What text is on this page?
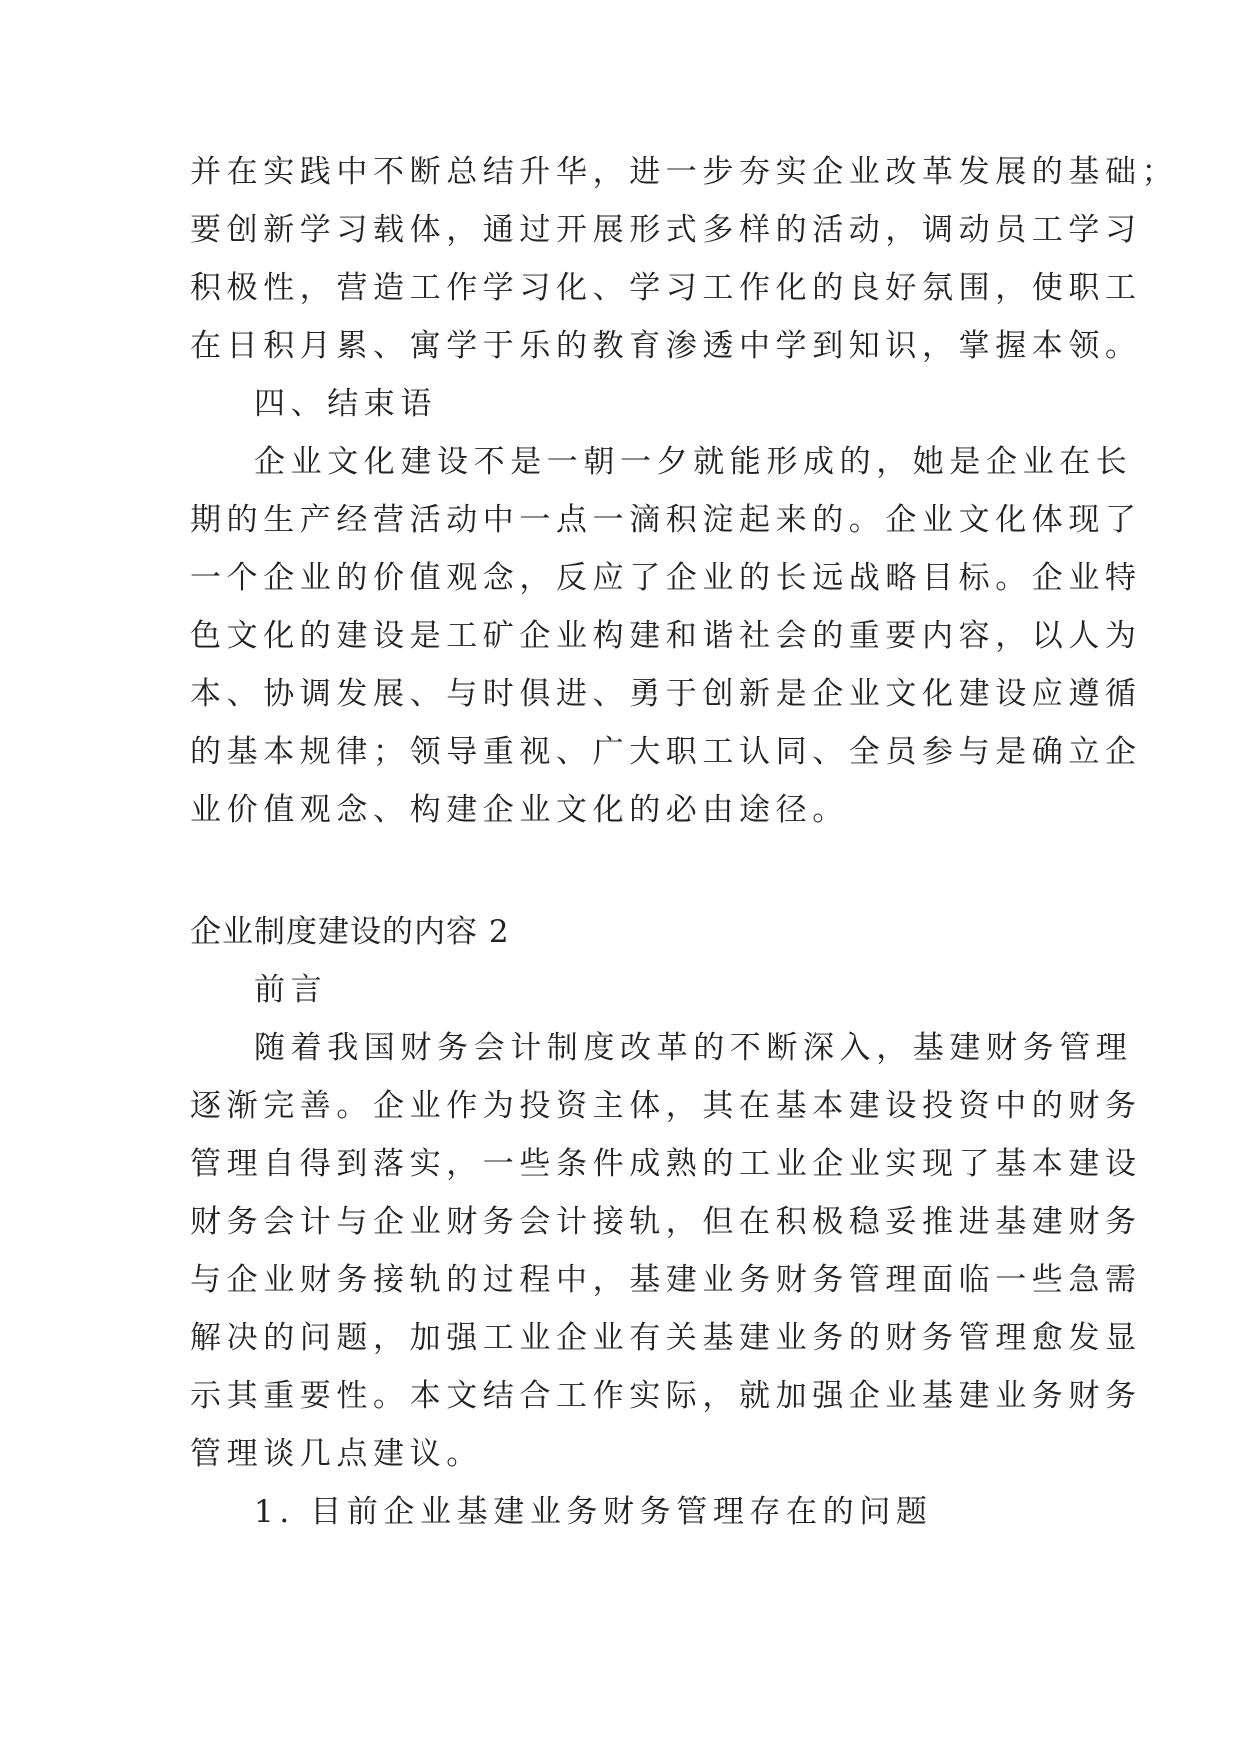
并在实践中不断总结升华，进一步夯实企业改革发展的基础；
要创新学习载体，通过开展形式多样的活动，调动员工学习
积极性，营造工作学习化、学习工作化的良好氛围，使职工
在日积月累、寓学于乐的教育渗透中学到知识，掌握本领。
四、结束语
企业文化建设不是一朝一夕就能形成的，她是企业在长
期的生产经营活动中一点一滴积淀起来的。企业文化体现了
一个企业的价值观念，反应了企业的长远战略目标。企业特
色文化的建设是工矿企业构建和谐社会的重要内容，以人为
本、协调发展、与时俱进、勇于创新是企业文化建设应遵循
的基本规律；领导重视、广大职工认同、全员参与是确立企
业价值观念、构建企业文化的必由途径。
企业制度建设的内容 2
前言
随着我国财务会计制度改革的不断深入，基建财务管理
逐渐完善。企业作为投资主体，其在基本建设投资中的财务
管理自得到落实，一些条件成熟的工业企业实现了基本建设
财务会计与企业财务会计接轨，但在积极稳妥推进基建财务
与企业财务接轨的过程中，基建业务财务管理面临一些急需
解决的问题，加强工业企业有关基建业务的财务管理愈发显
示其重要性。本文结合工作实际，就加强企业基建业务财务
管理谈几点建议。
1. 目前企业基建业务财务管理存在的问题
